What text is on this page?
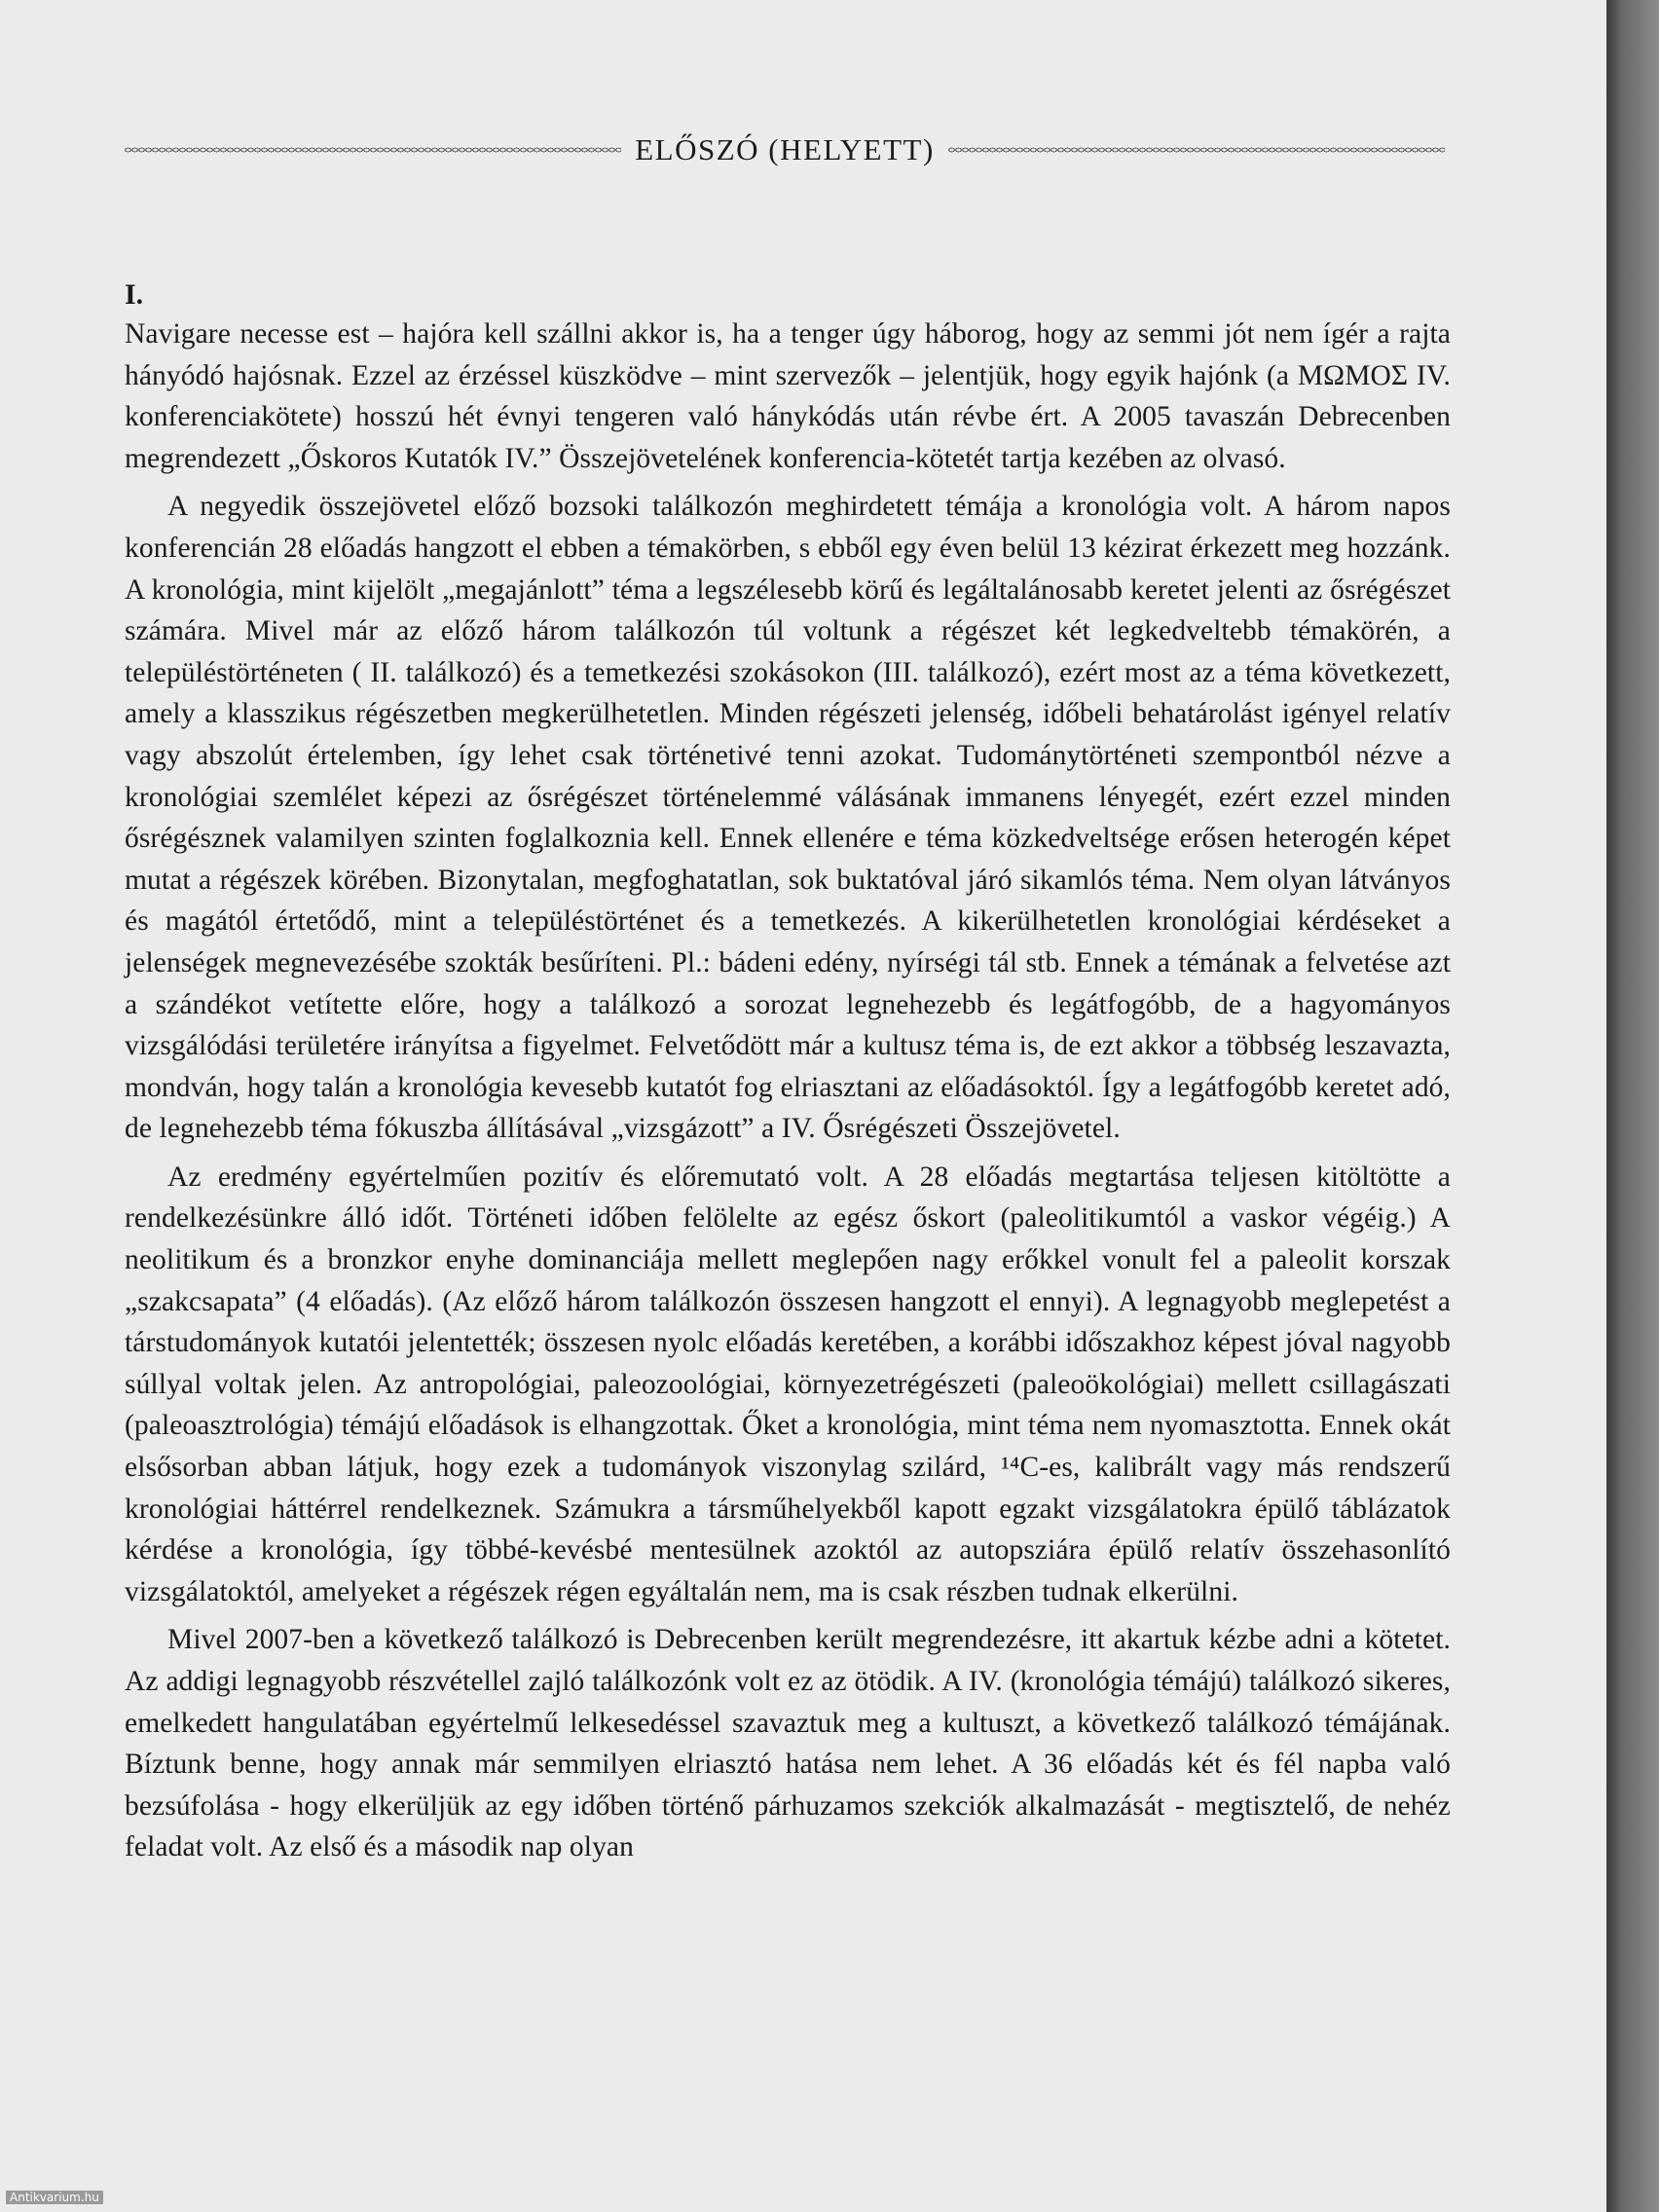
ELŐSZÓ (HELYETT)

I.

Navigare necesse est – hajóra kell szállni akkor is, ha a tenger úgy háborog, hogy az semmi jót nem ígér a rajta hányódó hajósnak. Ezzel az érzéssel küszködve – mint szervezők – jelentjük, hogy egyik hajónk (a ΜΩΜΟΣ IV. konferenciakötete) hosszú hét évnyi tengeren való hánykódás után révbe ért. A 2005 tavaszán Debrecenben megrendezett „Őskoros Kutatók IV.” Összejövetelének konferencia-kötetét tartja kezében az olvasó.

A negyedik összejövetel előző bozsoki találkozón meghirdetett témája a kronológia volt. A három napos konferencián 28 előadás hangzott el ebben a témakörben, s ebből egy éven belül 13 kézirat érkezett meg hozzánk. A kronológia, mint kijelölt „megajánlott” téma a legszélesebb körű és legáltalánosabb keretet jelenti az ősrégészet számára. Mivel már az előző három találkozón túl voltunk a régészet két legkedveltebb témakörén, a településtörténeten ( II. találkozó) és a temetkezési szokásokon (III. találkozó), ezért most az a téma következett, amely a klasszikus régészetben megkerülhetetlen. Minden régészeti jelenség, időbeli behatárolást igényel relatív vagy abszolút értelemben, így lehet csak történetivé tenni azokat. Tudománytörténeti szempontból nézve a kronológiai szemlélet képezi az ősrégészet történelemmé válásának immanens lényegét, ezért ezzel minden ősrégésznek valamilyen szinten foglalkoznia kell. Ennek ellenére e téma közkedveltsége erősen heterogén képet mutat a régészek körében. Bizonytalan, megfoghatatlan, sok buktatóval járó sikamlós téma. Nem olyan látványos és magától értetődő, mint a településtörténet és a temetkezés. A kikerülhetetlen kronológiai kérdéseket a jelenségek megnevezésébe szokták besűríteni. Pl.: bádeni edény, nyírségi tál stb. Ennek a témának a felvetése azt a szándékot vetítette előre, hogy a találkozó a sorozat legnehezebb és legátfogóbb, de a hagyományos vizsgálódási területére irányítsa a figyelmet. Felvetődött már a kultusz téma is, de ezt akkor a többség leszavazta, mondván, hogy talán a kronológia kevesebb kutatót fog elriasztani az előadásoktól. Így a legátfogóbb keretet adó, de legnehezebb téma fókuszba állításával „vizsgázott” a IV. Ősrégészeti Összejövetel.

Az eredmény egyértelműen pozitív és előremutató volt. A 28 előadás megtartása teljesen kitöltötte a rendelkezésünkre álló időt. Történeti időben felölelte az egész őskort (paleolitikumtól a vaskor végéig.) A neolitikum és a bronzkor enyhe dominanciája mellett meglepően nagy erőkkel vonult fel a paleolit korszak „szakcsapata” (4 előadás). (Az előző három találkozón összesen hangzott el ennyi). A legnagyobb meglepetést a társtudományok kutatói jelentették; összesen nyolc előadás keretében, a korábbi időszakhoz képest jóval nagyobb súllyal voltak jelen. Az antropológiai, paleozoológiai, környezetrégészeti (paleoökológiai) mellett csillagászati (paleoasztrológia) témájú előadások is elhangzottak. Őket a kronológia, mint téma nem nyomasztotta. Ennek okát elsősorban abban látjuk, hogy ezek a tudományok viszonylag szilárd, ¹⁴C-es, kalibrált vagy más rendszerű kronológiai háttérrel rendelkeznek. Számukra a társműhelyekből kapott egzakt vizsgálatokra épülő táblázatok kérdése a kronológia, így többé-kevésbé mentesülnek azoktól az autopsziára épülő relatív összehasonlító vizsgálatoktól, amelyeket a régészek régen egyáltalán nem, ma is csak részben tudnak elkerülni.

Mivel 2007-ben a következő találkozó is Debrecenben került megrendezésre, itt akartuk kézbe adni a kötetet. Az addigi legnagyobb részvétellel zajló találkozónk volt ez az ötödik. A IV. (kronológia témájú) találkozó sikeres, emelkedett hangulatában egyértelmű lelkesedéssel szavaztuk meg a kultuszt, a következő találkozó témájának. Bíztunk benne, hogy annak már semmilyen elriasztó hatása nem lehet. A 36 előadás két és fél napba való bezsúfolása - hogy elkerüljük az egy időben történő párhuzamos szekciók alkalmazását - megtisztelő, de nehéz feladat volt. Az első és a második nap olyan

Antikvarium.hu
